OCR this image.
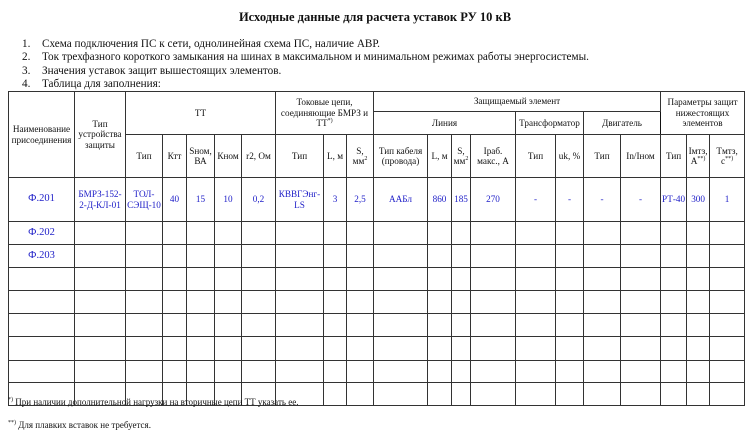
Исходные данные для расчета уставок РУ 10 кВ
1.	Схема подключения ПС к сети, однолинейная схема ПС, наличие АВР.
2.	Ток трехфазного короткого замыкания на шинах в максимальном и минимальном режимах работы энергосистемы.
3.	Значения уставок защит вышестоящих элементов.
4.	Таблица для заполнения:
Наименование присоединения	Тип устройства защиты	ТТ					Токовые цепи, соединяющие БМРЗ и ТТ*)			Защищаемый элемент								Параметры защит нижестоящих элементов		
										Линия				Трансформатор		Двигатель				
		Тип	Ктт	Sном, ВА	Кном	r2, Ом	Тип	L, м	S, $мм^2$	Тип кабеля (провода)	L, м	S, $мм^2$	Iраб. макс., А	Тип	uk, %	Тип	In/Iном	Тип	Iмтз, А**)	Tмтз, с**)
Ф.201	БМРЗ-152-2-Д-КЛ-01	ТОЛ-СЭЩ-10	40	15	10	0,2	КВВГЭнг-LS	3	2,5	ААБл	860	185	270	-	-	-	-	РТ-40	300	1
Ф.202																				
Ф.203																				

*) При наличии дополнительной нагрузки на вторичные цепи ТТ указать ее.
**) Для плавких вставок не требуется.
